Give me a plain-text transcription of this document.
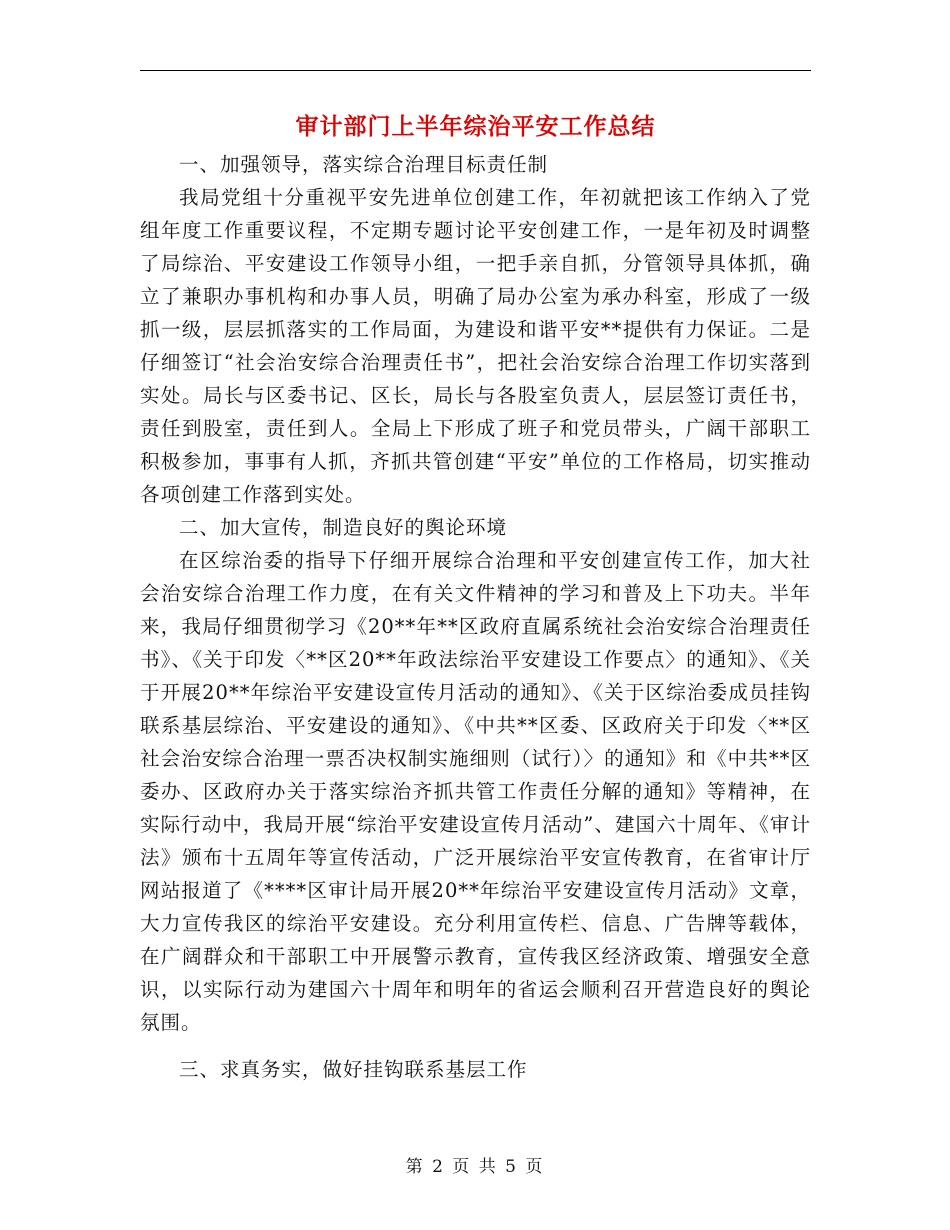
审计部门上半年综治平安工作总结

一、加强领导，落实综合治理目标责任制

我局党组十分重视平安先进单位创建工作，年初就把该工作纳入了党组年度工作重要议程，不定期专题讨论平安创建工作，一是年初及时调整了局综治、平安建设工作领导小组，一把手亲自抓，分管领导具体抓，确立了兼职办事机构和办事人员，明确了局办公室为承办科室，形成了一级抓一级，层层抓落实的工作局面，为建设和谐平安**提供有力保证。二是仔细签订“社会治安综合治理责任书”，把社会治安综合治理工作切实落到实处。局长与区委书记、区长，局长与各股室负责人，层层签订责任书，责任到股室，责任到人。全局上下形成了班子和党员带头，广阔干部职工积极参加，事事有人抓，齐抓共管创建“平安”单位的工作格局，切实推动各项创建工作落到实处。

二、加大宣传，制造良好的舆论环境

在区综治委的指导下仔细开展综合治理和平安创建宣传工作，加大社会治安综合治理工作力度，在有关文件精神的学习和普及上下功夫。半年来，我局仔细贯彻学习《20**年**区政府直属系统社会治安综合治理责任书》、《关于印发〈**区20**年政法综治平安建设工作要点〉的通知》、《关于开展20**年综治平安建设宣传月活动的通知》、《关于区综治委成员挂钩联系基层综治、平安建设的通知》、《中共**区委、区政府关于印发〈**区社会治安综合治理一票否决权制实施细则（试行）〉的通知》和《中共**区委办、区政府办关于落实综治齐抓共管工作责任分解的通知》等精神，在实际行动中，我局开展“综治平安建设宣传月活动”、建国六十周年、《审计法》颁布十五周年等宣传活动，广泛开展综治平安宣传教育，在省审计厅网站报道了《****区审计局开展20**年综治平安建设宣传月活动》文章，大力宣传我区的综治平安建设。充分利用宣传栏、信息、广告牌等载体，在广阔群众和干部职工中开展警示教育，宣传我区经济政策、增强安全意识，以实际行动为建国六十周年和明年的省运会顺利召开营造良好的舆论氛围。

三、求真务实，做好挂钩联系基层工作

第 2 页 共 5 页
